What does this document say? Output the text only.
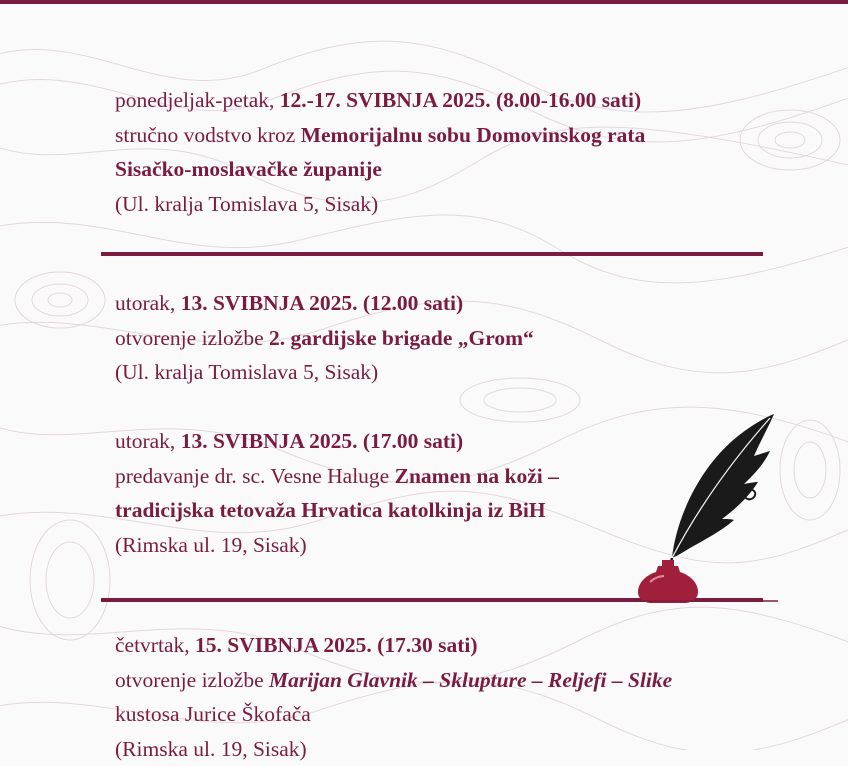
ponedjeljak-petak, 12.-17. SVIBNJA 2025. (8.00-16.00 sati)
stručno vodstvo kroz Memorijalnu sobu Domovinskog rata
Sisačko-moslavačke županije
(Ul. kralja Tomislava 5, Sisak)
utorak, 13. SVIBNJA 2025. (12.00 sati)
otvorenje izložbe 2. gardijske brigade „Grom“
(Ul. kralja Tomislava 5, Sisak)
utorak, 13. SVIBNJA 2025. (17.00 sati)
predavanje dr. sc. Vesne Haluge Znamen na koži –
tradicijska tetovaža Hrvatica katolkinja iz BiH
(Rimska ul. 19, Sisak)
četvrtak, 15. SVIBNJA 2025. (17.30 sati)
otvorenje izložbe Marijan Glavnik – Sklupture – Reljefi – Slike
kustosa Jurice Škofača
(Rimska ul. 19, Sisak)
